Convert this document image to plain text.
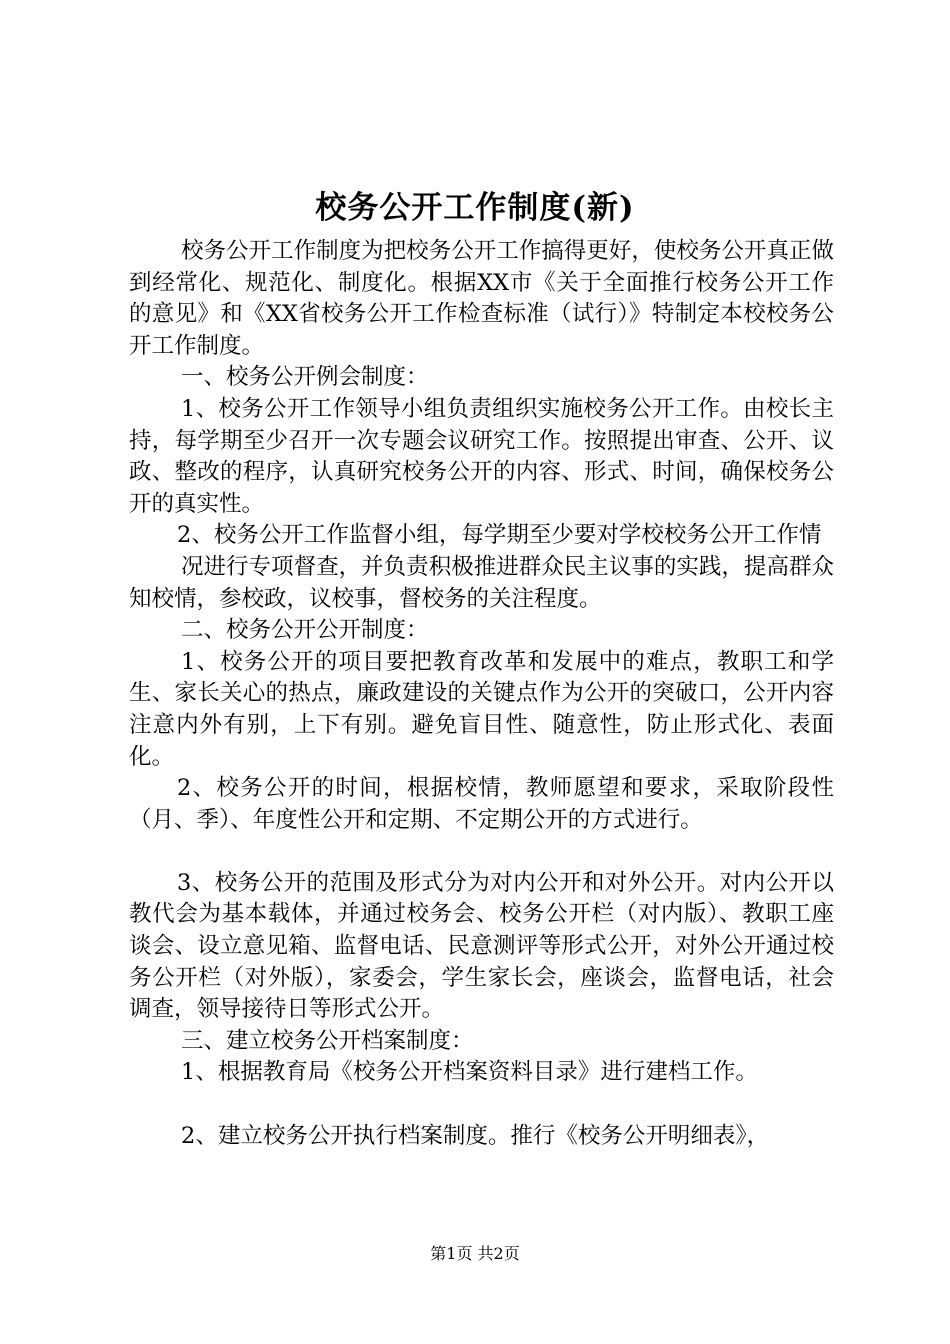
校务公开工作制度(新)

校务公开工作制度为把校务公开工作搞得更好，使校务公开真正做到经常化、规范化、制度化。根据XX市《关于全面推行校务公开工作的意见》和《XX省校务公开工作检查标准（试行）》特制定本校校务公开工作制度。

一、校务公开例会制度：

1、校务公开工作领导小组负责组织实施校务公开工作。由校长主持，每学期至少召开一次专题会议研究工作。按照提出审查、公开、议政、整改的程序，认真研究校务公开的内容、形式、时间，确保校务公开的真实性。

2、校务公开工作监督小组，每学期至少要对学校校务公开工作情

况进行专项督查，并负责积极推进群众民主议事的实践，提高群众知校情，参校政，议校事，督校务的关注程度。

二、校务公开公开制度：

1、校务公开的项目要把教育改革和发展中的难点，教职工和学生、家长关心的热点，廉政建设的关键点作为公开的突破口，公开内容注意内外有别，上下有别。避免盲目性、随意性，防止形式化、表面化。

2、校务公开的时间，根据校情，教师愿望和要求，采取阶段性（月、季）、年度性公开和定期、不定期公开的方式进行。

3、校务公开的范围及形式分为对内公开和对外公开。对内公开以教代会为基本载体，并通过校务会、校务公开栏（对内版）、教职工座谈会、设立意见箱、监督电话、民意测评等形式公开，对外公开通过校务公开栏（对外版），家委会，学生家长会，座谈会，监督电话，社会调查，领导接待日等形式公开。

三、建立校务公开档案制度：

1、根据教育局《校务公开档案资料目录》进行建档工作。

2、建立校务公开执行档案制度。推行《校务公开明细表》，

第1页 共2页
